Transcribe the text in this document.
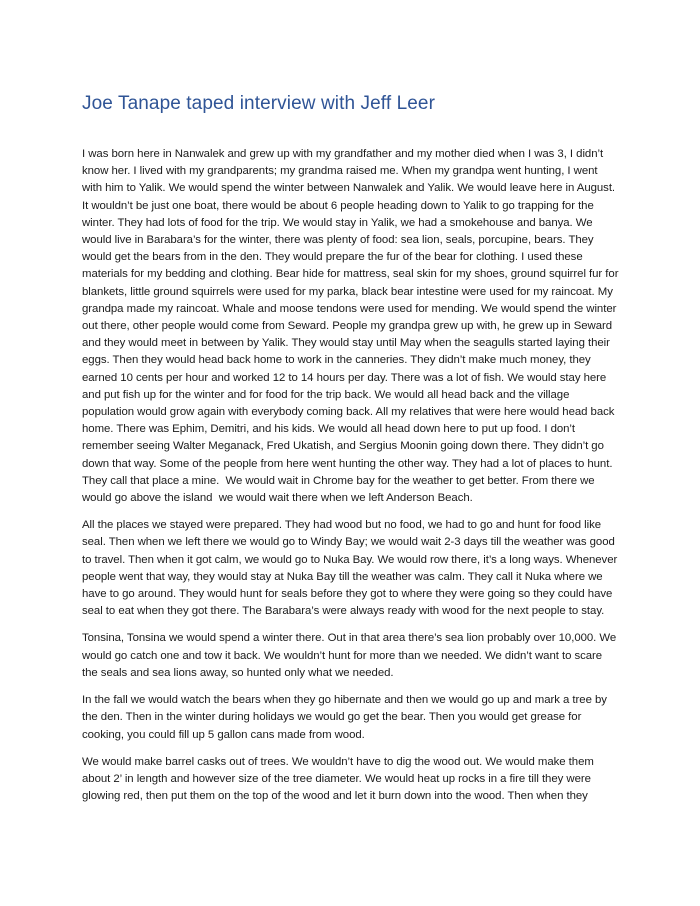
Joe Tanape taped interview with Jeff Leer

I was born here in Nanwalek and grew up with my grandfather and my mother died when I was 3, I didn’t know her. I lived with my grandparents; my grandma raised me. When my grandpa went hunting, I went with him to Yalik. We would spend the winter between Nanwalek and Yalik. We would leave here in August. It wouldn’t be just one boat, there would be about 6 people heading down to Yalik to go trapping for the winter. They had lots of food for the trip. We would stay in Yalik, we had a smokehouse and banya. We would live in Barabara’s for the winter, there was plenty of food: sea lion, seals, porcupine, bears. They would get the bears from in the den. They would prepare the fur of the bear for clothing. I used these materials for my bedding and clothing. Bear hide for mattress, seal skin for my shoes, ground squirrel fur for blankets, little ground squirrels were used for my parka, black bear intestine were used for my raincoat. My grandpa made my raincoat. Whale and moose tendons were used for mending. We would spend the winter out there, other people would come from Seward. People my grandpa grew up with, he grew up in Seward and they would meet in between by Yalik. They would stay until May when the seagulls started laying their eggs. Then they would head back home to work in the canneries. They didn’t make much money, they earned 10 cents per hour and worked 12 to 14 hours per day. There was a lot of fish. We would stay here and put fish up for the winter and for food for the trip back. We would all head back and the village population would grow again with everybody coming back. All my relatives that were here would head back home. There was Ephim, Demitri, and his kids. We would all head down here to put up food. I don’t remember seeing Walter Meganack, Fred Ukatish, and Sergius Moonin going down there. They didn’t go down that way. Some of the people from here went hunting the other way. They had a lot of places to hunt. They call that place a mine.  We would wait in Chrome bay for the weather to get better. From there we would go above the island  we would wait there when we left Anderson Beach.

All the places we stayed were prepared. They had wood but no food, we had to go and hunt for food like seal. Then when we left there we would go to Windy Bay; we would wait 2-3 days till the weather was good to travel. Then when it got calm, we would go to Nuka Bay. We would row there, it’s a long ways. Whenever people went that way, they would stay at Nuka Bay till the weather was calm. They call it Nuka where we have to go around. They would hunt for seals before they got to where they were going so they could have seal to eat when they got there. The Barabara’s were always ready with wood for the next people to stay.

Tonsina, Tonsina we would spend a winter there. Out in that area there’s sea lion probably over 10,000. We would go catch one and tow it back. We wouldn’t hunt for more than we needed. We didn’t want to scare the seals and sea lions away, so hunted only what we needed.

In the fall we would watch the bears when they go hibernate and then we would go up and mark a tree by the den. Then in the winter during holidays we would go get the bear. Then you would get grease for cooking, you could fill up 5 gallon cans made from wood.

We would make barrel casks out of trees. We wouldn’t have to dig the wood out. We would make them about 2’ in length and however size of the tree diameter. We would heat up rocks in a fire till they were glowing red, then put them on the top of the wood and let it burn down into the wood. Then when they
